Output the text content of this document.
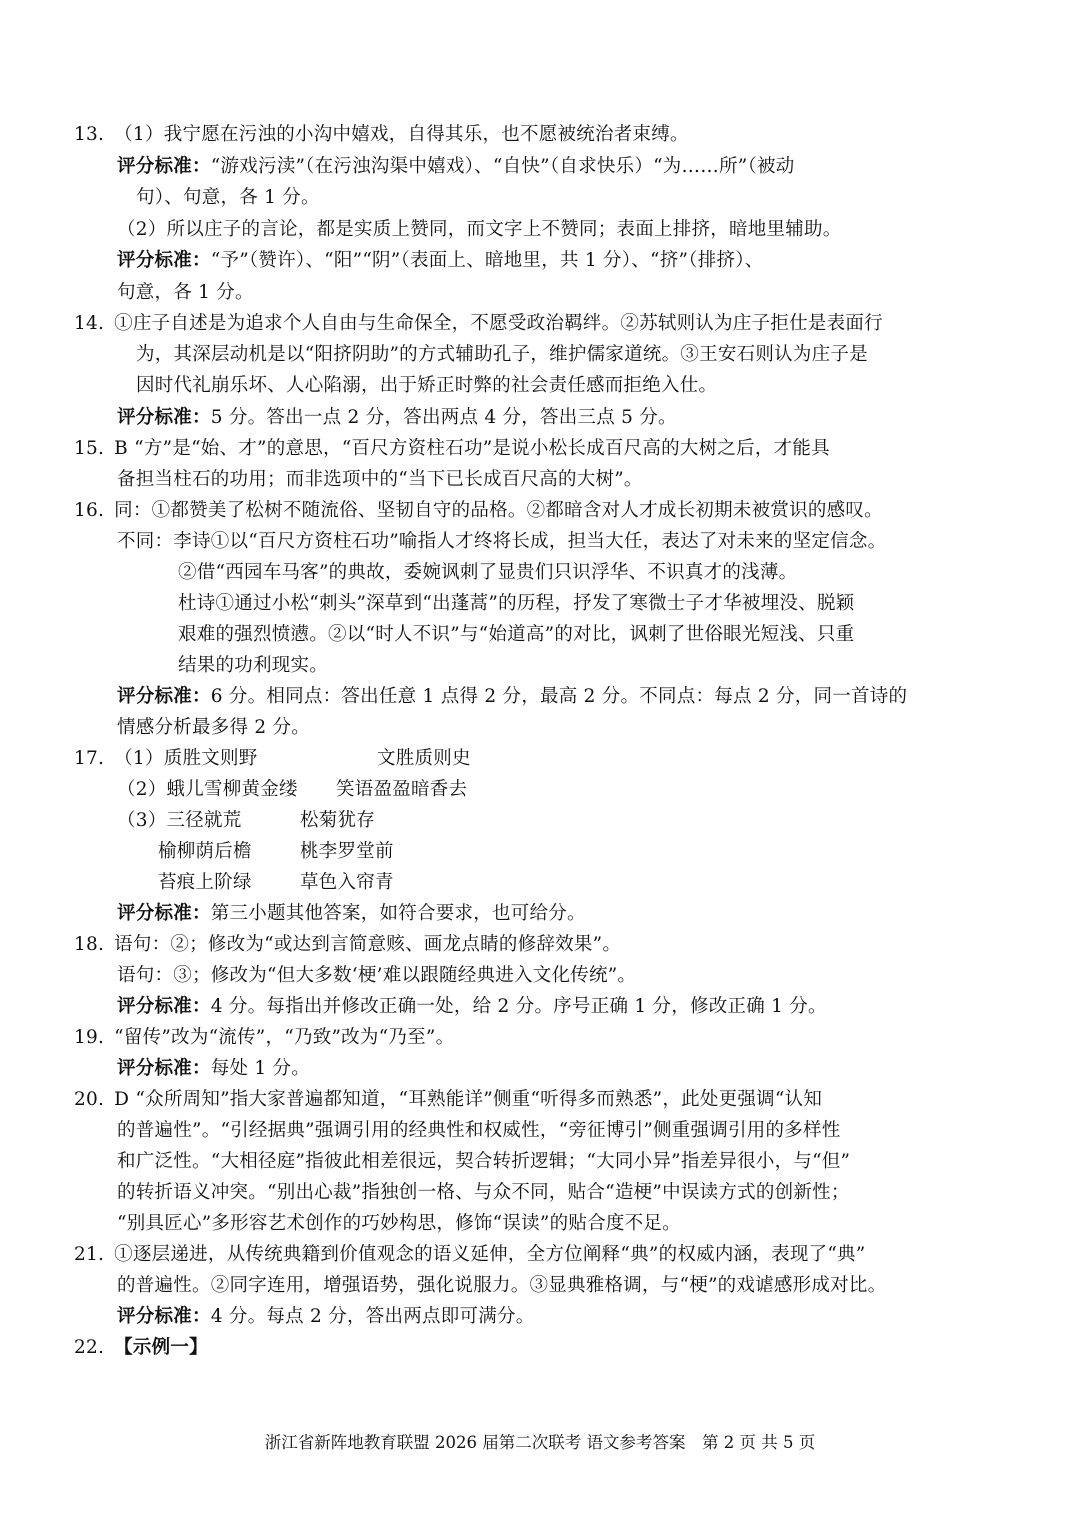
13. （1）我宁愿在污浊的小沟中嬉戏，自得其乐，也不愿被统治者束缚。
评分标准：“游戏污渎”（在污浊沟渠中嬉戏）、“自快”（自求快乐）“为……所”（被动
句）、句意，各 1 分。
（2）所以庄子的言论，都是实质上赞同，而文字上不赞同；表面上排挤，暗地里辅助。
评分标准：“予”（赞许）、“阳”“阴”（表面上、暗地里，共 1 分）、“挤”（排挤）、
句意，各 1 分。
14. ①庄子自述是为追求个人自由与生命保全，不愿受政治羁绊。②苏轼则认为庄子拒仕是表面行
为，其深层动机是以“阳挤阴助”的方式辅助孔子，维护儒家道统。③王安石则认为庄子是
因时代礼崩乐坏、人心陷溺，出于矫正时弊的社会责任感而拒绝入仕。
评分标准：5 分。答出一点 2 分，答出两点 4 分，答出三点 5 分。
15. B “方”是“始、才”的意思，“百尺方资柱石功”是说小松长成百尺高的大树之后，才能具
备担当柱石的功用；而非选项中的“当下已长成百尺高的大树”。
16. 同：①都赞美了松树不随流俗、坚韧自守的品格。②都暗含对人才成长初期未被赏识的感叹。
不同：李诗①以“百尺方资柱石功”喻指人才终将长成，担当大任，表达了对未来的坚定信念。
②借“西园车马客”的典故，委婉讽刺了显贵们只识浮华、不识真才的浅薄。
杜诗①通过小松“刺头”深草到“出蓬蒿”的历程，抒发了寒微士子才华被埋没、脱颖
艰难的强烈愤懑。②以“时人不识”与“始道高”的对比，讽刺了世俗眼光短浅、只重
结果的功利现实。
评分标准：6 分。相同点：答出任意 1 点得 2 分，最高 2 分。不同点：每点 2 分，同一首诗的
情感分析最多得 2 分。
17. （1）质胜文则野	文胜质则史
（2）蛾儿雪柳黄金缕 笑语盈盈暗香去
（3）三径就荒	松菊犹存
榆柳荫后檐	桃李罗堂前
苔痕上阶绿	草色入帘青
评分标准：第三小题其他答案，如符合要求，也可给分。
18. 语句：②；修改为“或达到言简意赅、画龙点睛的修辞效果”。
语句：③；修改为“但大多数‘梗’难以跟随经典进入文化传统”。
评分标准：4 分。每指出并修改正确一处，给 2 分。序号正确 1 分，修改正确 1 分。
19. “留传”改为“流传”，“乃致”改为“乃至”。
评分标准：每处 1 分。
20. D “众所周知”指大家普遍都知道，“耳熟能详”侧重“听得多而熟悉”，此处更强调“认知
的普遍性”。“引经据典”强调引用的经典性和权威性，“旁征博引”侧重强调引用的多样性
和广泛性。“大相径庭”指彼此相差很远，契合转折逻辑；“大同小异”指差异很小，与“但”
的转折语义冲突。“别出心裁”指独创一格、与众不同，贴合“造梗”中误读方式的创新性；
“别具匠心”多形容艺术创作的巧妙构思，修饰“误读”的贴合度不足。
21. ①逐层递进，从传统典籍到价值观念的语义延伸，全方位阐释“典”的权威内涵，表现了“典”
的普遍性。②同字连用，增强语势，强化说服力。③显典雅格调，与“梗”的戏谑感形成对比。
评分标准：4 分。每点 2 分，答出两点即可满分。
22. 【示例一】
浙江省新阵地教育联盟 2026 届第二次联考 语文参考答案　第 2 页 共 5 页
